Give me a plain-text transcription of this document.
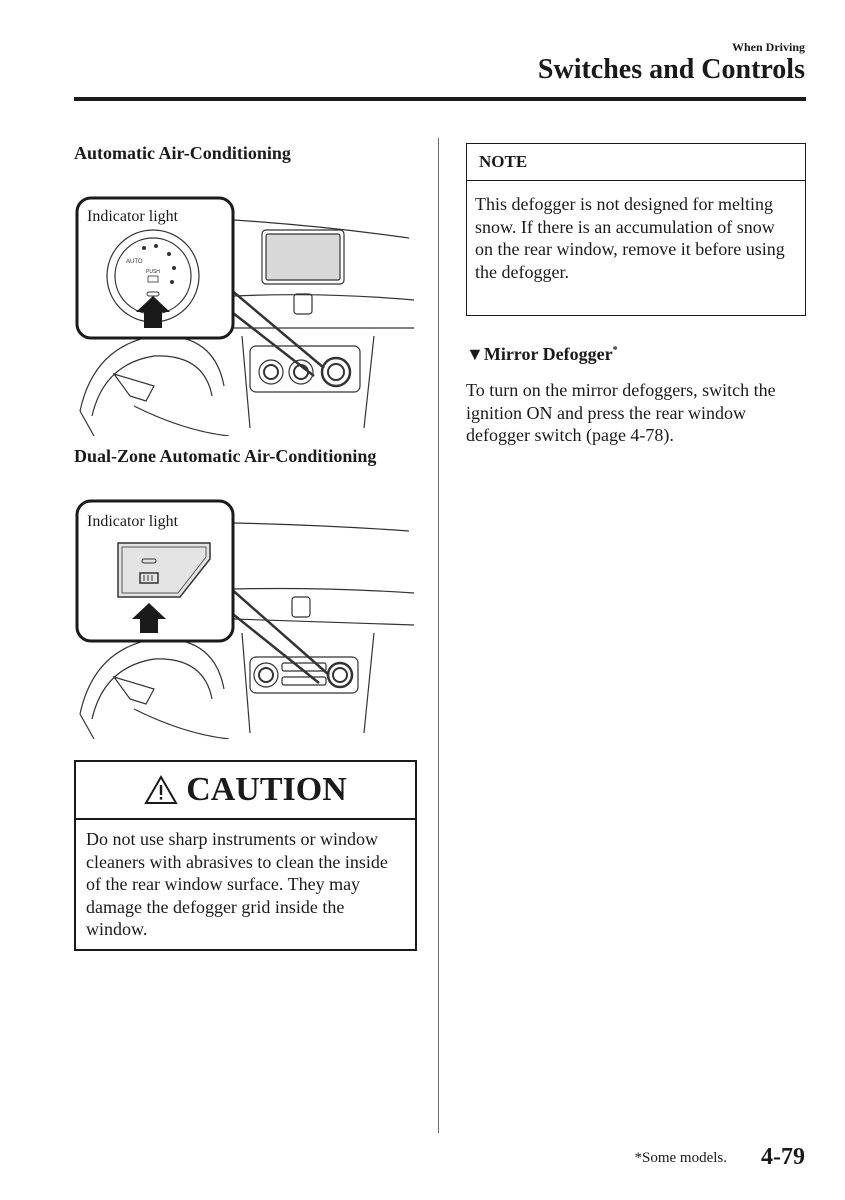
When Driving
Switches and Controls
Automatic Air-Conditioning
Indicator light
AUTO
PUSH
Dual-Zone Automatic Air-Conditioning
Indicator light
CAUTION
Do not use sharp instruments or window cleaners with abrasives to clean the inside of the rear window surface. They may damage the defogger grid inside the window.
NOTE
This defogger is not designed for melting snow. If there is an accumulation of snow on the rear window, remove it before using the defogger.
▼Mirror Defogger*
To turn on the mirror defoggers, switch the ignition ON and press the rear window defogger switch (page 4-78).
*Some models. 4-79
